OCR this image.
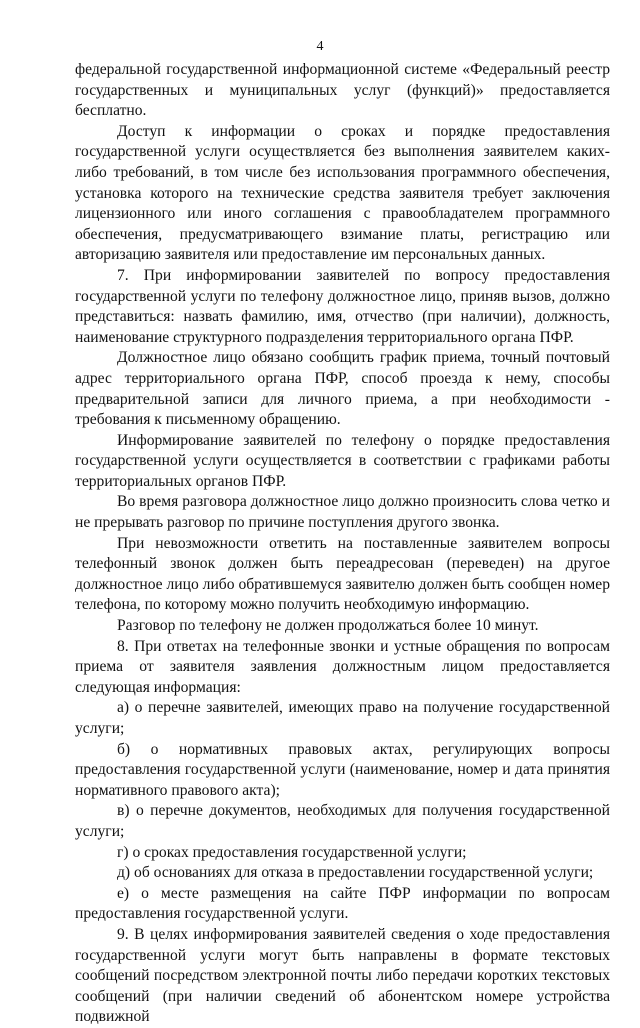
4

федеральной государственной информационной системе «Федеральный реестр государственных и муниципальных услуг (функций)» предоставляется бесплатно.

Доступ к информации о сроках и порядке предоставления государственной услуги осуществляется без выполнения заявителем каких-либо требований, в том числе без использования программного обеспечения, установка которого на технические средства заявителя требует заключения лицензионного или иного соглашения с правообладателем программного обеспечения, предусматривающего взимание платы, регистрацию или авторизацию заявителя или предоставление им персональных данных.

7. При информировании заявителей по вопросу предоставления государственной услуги по телефону должностное лицо, приняв вызов, должно представиться: назвать фамилию, имя, отчество (при наличии), должность, наименование структурного подразделения территориального органа ПФР.

Должностное лицо обязано сообщить график приема, точный почтовый адрес территориального органа ПФР, способ проезда к нему, способы предварительной записи для личного приема, а при необходимости - требования к письменному обращению.

Информирование заявителей по телефону о порядке предоставления государственной услуги осуществляется в соответствии с графиками работы территориальных органов ПФР.

Во время разговора должностное лицо должно произносить слова четко и не прерывать разговор по причине поступления другого звонка.

При невозможности ответить на поставленные заявителем вопросы телефонный звонок должен быть переадресован (переведен) на другое должностное лицо либо обратившемуся заявителю должен быть сообщен номер телефона, по которому можно получить необходимую информацию.

Разговор по телефону не должен продолжаться более 10 минут.

8. При ответах на телефонные звонки и устные обращения по вопросам приема от заявителя заявления должностным лицом предоставляется следующая информация:

а) о перечне заявителей, имеющих право на получение государственной услуги;

б) о нормативных правовых актах, регулирующих вопросы предоставления государственной услуги (наименование, номер и дата принятия нормативного правового акта);

в) о перечне документов, необходимых для получения государственной услуги;

г) о сроках предоставления государственной услуги;

д) об основаниях для отказа в предоставлении государственной услуги;

е) о месте размещения на сайте ПФР информации по вопросам предоставления государственной услуги.

9. В целях информирования заявителей сведения о ходе предоставления государственной услуги могут быть направлены в формате текстовых сообщений посредством электронной почты либо передачи коротких текстовых сообщений (при наличии сведений об абонентском номере устройства подвижной
